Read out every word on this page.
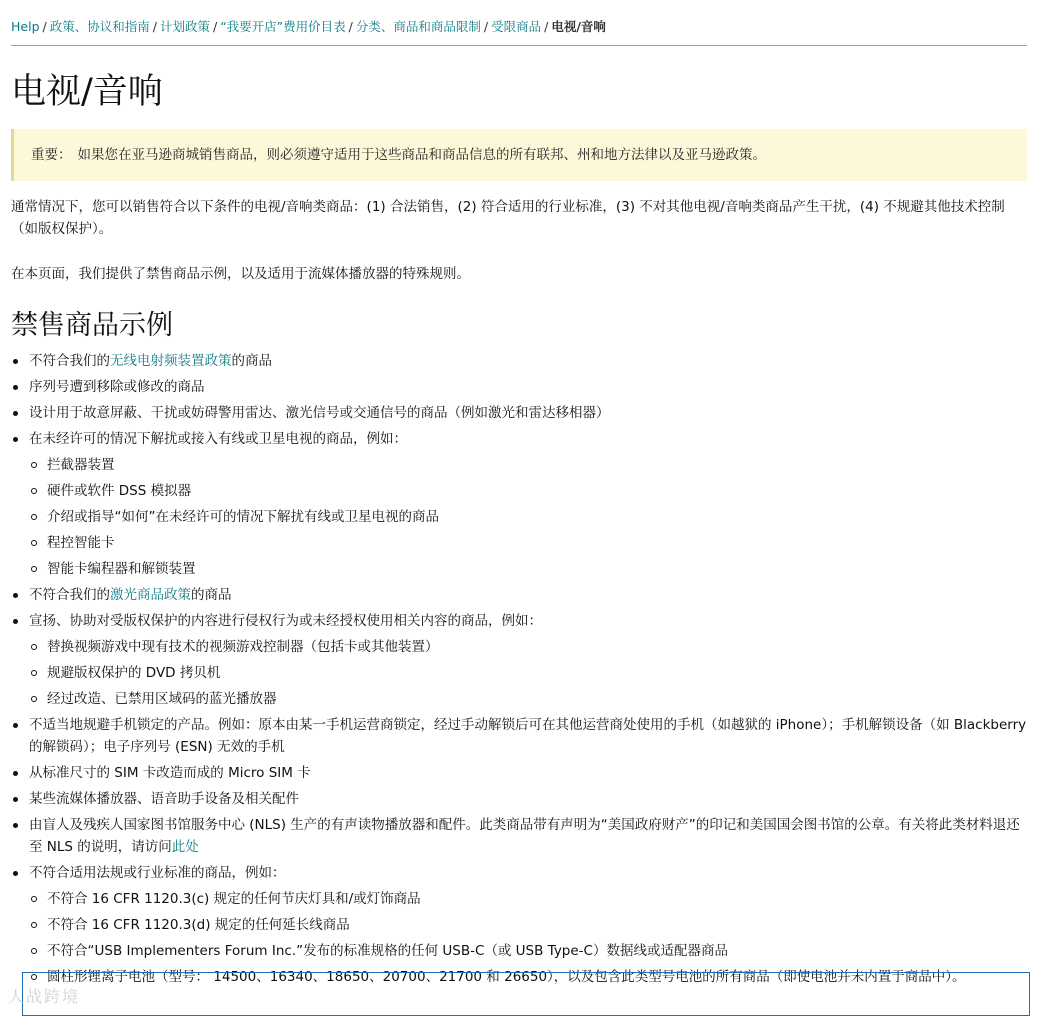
Help / 政策、协议和指南 / 计划政策 / “我要开店”费用价目表 / 分类、商品和商品限制 / 受限商品 / 电视/音响
电视/音响
重要： 如果您在亚马逊商城销售商品，则必须遵守适用于这些商品和商品信息的所有联邦、州和地方法律以及亚马逊政策。

通常情况下，您可以销售符合以下条件的电视/音响类商品：(1) 合法销售，(2) 符合适用的行业标准，(3) 不对其他电视/音响类商品产生干扰，(4) 不规避其他技术控制（如版权保护）。

在本页面，我们提供了禁售商品示例，以及适用于流媒体播放器的特殊规则。

禁售商品示例
不符合我们的无线电射频装置政策的商品
序列号遭到移除或修改的商品
设计用于故意屏蔽、干扰或妨碍警用雷达、激光信号或交通信号的商品（例如激光和雷达移相器）
在未经许可的情况下解扰或接入有线或卫星电视的商品，例如：
拦截器装置
硬件或软件 DSS 模拟器
介绍或指导“如何”在未经许可的情况下解扰有线或卫星电视的商品
程控智能卡
智能卡编程器和解锁装置
不符合我们的激光商品政策的商品
宣扬、协助对受版权保护的内容进行侵权行为或未经授权使用相关内容的商品，例如：
替换视频游戏中现有技术的视频游戏控制器（包括卡或其他装置）
规避版权保护的 DVD 拷贝机
经过改造、已禁用区域码的蓝光播放器
不适当地规避手机锁定的产品。例如：原本由某一手机运营商锁定，经过手动解锁后可在其他运营商处使用的手机（如越狱的 iPhone）；手机解锁设备（如 Blackberry 的解锁码）；电子序列号 (ESN) 无效的手机
从标准尺寸的 SIM 卡改造而成的 Micro SIM 卡
某些流媒体播放器、语音助手设备及相关配件
由盲人及残疾人国家图书馆服务中心 (NLS) 生产的有声读物播放器和配件。此类商品带有声明为“美国政府财产”的印记和美国国会图书馆的公章。有关将此类材料退还至 NLS 的说明，请访问此处
不符合适用法规或行业标准的商品，例如：
不符合 16 CFR 1120.3(c) 规定的任何节庆灯具和/或灯饰商品
不符合 16 CFR 1120.3(d) 规定的任何延长线商品
不符合“USB Implementers Forum Inc.”发布的标准规格的任何 USB-C（或 USB Type-C）数据线或适配器商品
圆柱形锂离子电池（型号： 14500、16340、18650、20700、21700 和 26650），以及包含此类型号电池的所有商品（即使电池并未内置于商品中）。
人战跨境
